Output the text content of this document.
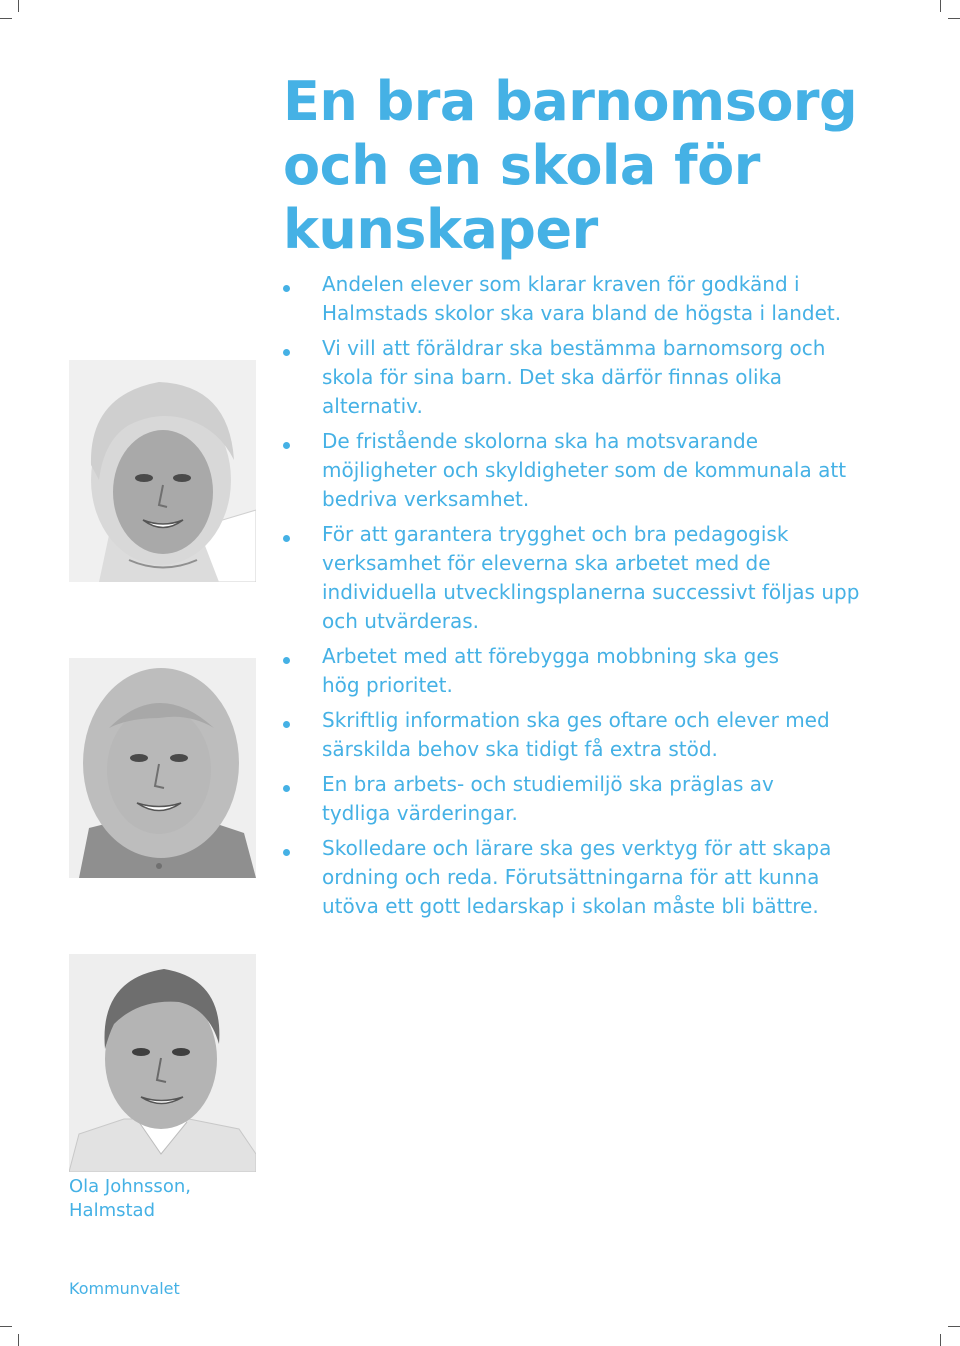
En bra barnomsorg
och en skola för
kunskaper
Andelen elever som klarar kraven för godkänd i
Halmstads skolor ska vara bland de högsta i landet.
Vi vill att föräldrar ska bestämma barnomsorg och
skola för sina barn. Det ska därför finnas olika
alternativ.
De fristående skolorna ska ha motsvarande
möjligheter och skyldigheter som de kommunala att
bedriva verksamhet.
För att garantera trygghet och bra pedagogisk
verksamhet för eleverna ska arbetet med de
individuella utvecklingsplanerna successivt följas upp
och utvärderas.
Arbetet med att förebygga mobbning ska ges
hög prioritet.
Skriftlig information ska ges oftare och elever med
särskilda behov ska tidigt få extra stöd.
En bra arbets- och studiemiljö ska präglas av
tydliga värderingar.
Skolledare och lärare ska ges verktyg för att skapa
ordning och reda. Förutsättningarna för att kunna
utöva ett gott ledarskap i skolan måste bli bättre.
Ola Johnsson,
Halmstad
Kommunvalet
